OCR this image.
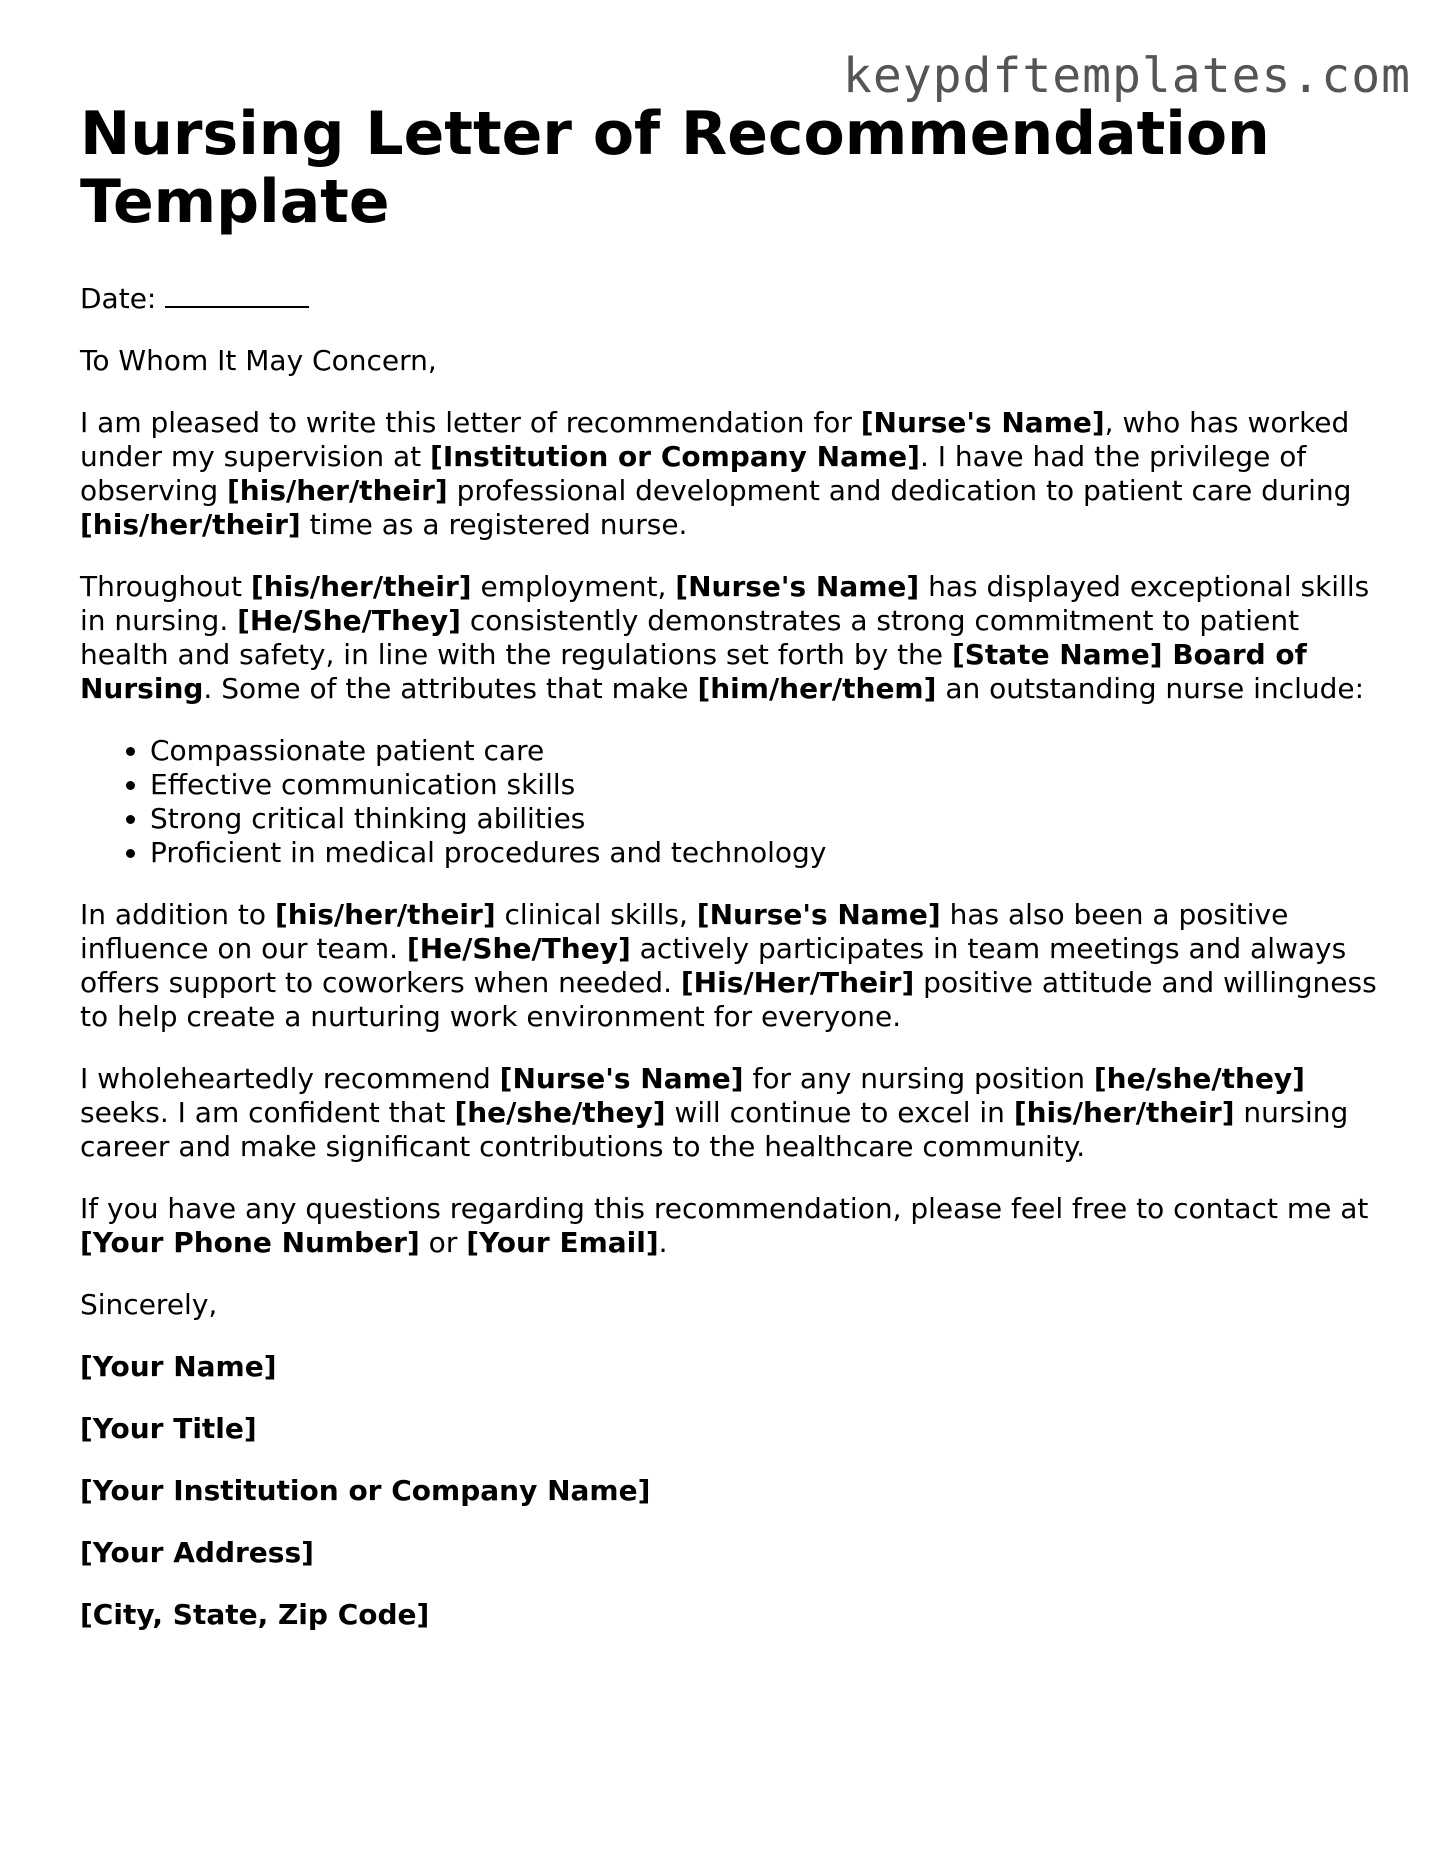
keypdftemplates.com
Nursing Letter of Recommendation Template

Date:

To Whom It May Concern,

I am pleased to write this letter of recommendation for [Nurse's Name], who has worked under my supervision at [Institution or Company Name]. I have had the privilege of observing [his/her/their] professional development and dedication to patient care during [his/her/their] time as a registered nurse.

Throughout [his/her/their] employment, [Nurse's Name] has displayed exceptional skills in nursing. [He/She/They] consistently demonstrates a strong commitment to patient health and safety, in line with the regulations set forth by the [State Name] Board of Nursing. Some of the attributes that make [him/her/them] an outstanding nurse include:

• Compassionate patient care
• Effective communication skills
• Strong critical thinking abilities
• Proficient in medical procedures and technology

In addition to [his/her/their] clinical skills, [Nurse's Name] has also been a positive influence on our team. [He/She/They] actively participates in team meetings and always offers support to coworkers when needed. [His/Her/Their] positive attitude and willingness to help create a nurturing work environment for everyone.

I wholeheartedly recommend [Nurse's Name] for any nursing position [he/she/they] seeks. I am confident that [he/she/they] will continue to excel in [his/her/their] nursing career and make significant contributions to the healthcare community.

If you have any questions regarding this recommendation, please feel free to contact me at [Your Phone Number] or [Your Email].

Sincerely,

[Your Name]

[Your Title]

[Your Institution or Company Name]

[Your Address]

[City, State, Zip Code]
